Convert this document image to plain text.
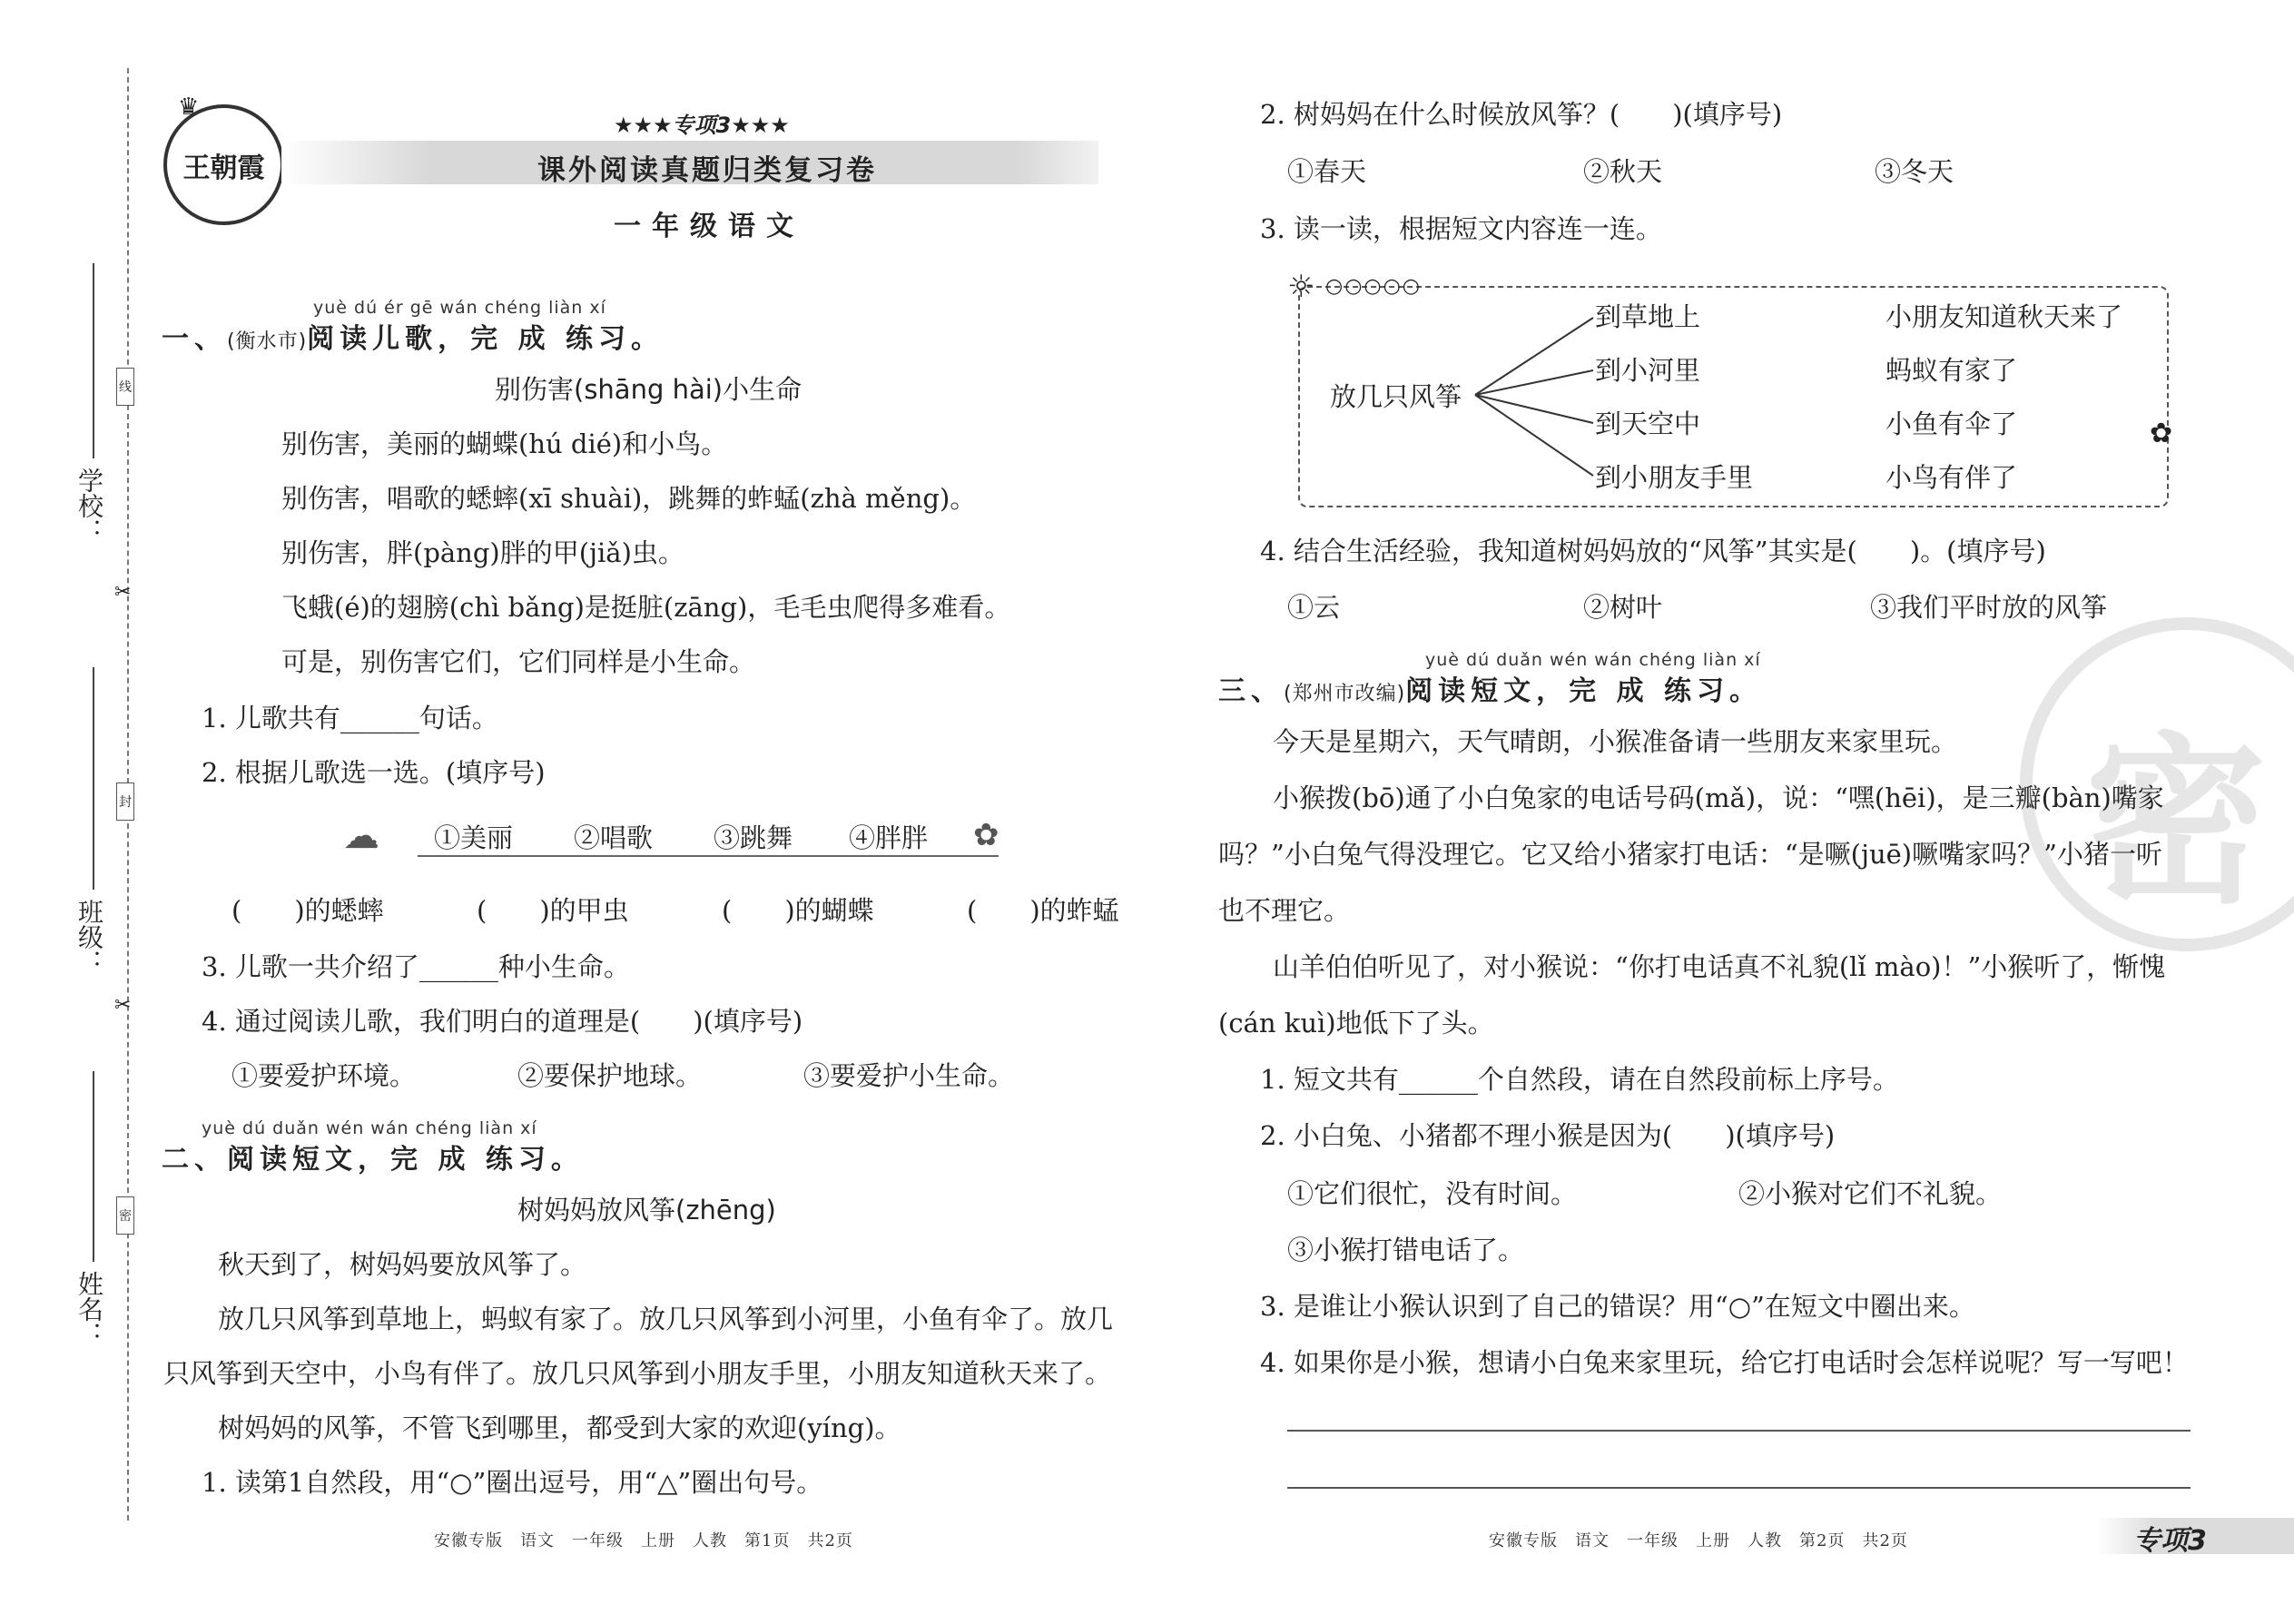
线
封
密
✂
✂
学校：
班级：
姓名：
王朝霞
♛
★★★专项3★★★
课外阅读真题归类复习卷
一年级语文
yuè dú ér gē wán chéng liàn xí
一、(衡水市)阅读儿歌，完 成 练习。
别伤害(shāng hài)小生命
别伤害，美丽的蝴蝶(hú dié)和小鸟。
别伤害，唱歌的蟋蟀(xī shuài)，跳舞的蚱蜢(zhà měng)。
别伤害，胖(pàng)胖的甲(jiǎ)虫。
飞蛾(é)的翅膀(chì bǎng)是挺脏(zāng)，毛毛虫爬得多难看。
可是，别伤害它们，它们同样是小生命。
1. 儿歌共有______句话。
2. 根据儿歌选一选。(填序号)
☁	✿
①美丽 ②唱歌 ③跳舞 ④胖胖
(　　)的蟋蟀	(　　)的甲虫	(　　)的蝴蝶	(　　)的蚱蜢
3. 儿歌一共介绍了______种小生命。
4. 通过阅读儿歌，我们明白的道理是(　　)(填序号)
①要爱护环境。	②要保护地球。	③要爱护小生命。
yuè dú duǎn wén wán chéng liàn xí
二、阅读短文，完 成 练习。
树妈妈放风筝(zhēng)
秋天到了，树妈妈要放风筝了。
放几只风筝到草地上，蚂蚁有家了。放几只风筝到小河里，小鱼有伞了。放几
只风筝到天空中，小鸟有伴了。放几只风筝到小朋友手里，小朋友知道秋天来了。
树妈妈的风筝，不管飞到哪里，都受到大家的欢迎(yíng)。
1. 读第1自然段，用“○”圈出逗号，用“△”圈出句号。
安徽专版　语文　一年级　上册　人教　第1页　共2页
2. 树妈妈在什么时候放风筝？(　　)(填序号)
①春天	②秋天	③冬天
3. 读一读，根据短文内容连一连。
☼ ○○○○○
✿
放几只风筝
到草地上
到小河里
到天空中
到小朋友手里
小朋友知道秋天来了
蚂蚁有家了
小鱼有伞了
小鸟有伴了
4. 结合生活经验，我知道树妈妈放的“风筝”其实是(　　)。(填序号)
①云	②树叶	③我们平时放的风筝
密
yuè dú duǎn wén wán chéng liàn xí
三、(郑州市改编)阅读短文，完 成 练习。
今天是星期六，天气晴朗，小猴准备请一些朋友来家里玩。
小猴拨(bō)通了小白兔家的电话号码(mǎ)，说：“嘿(hēi)，是三瓣(bàn)嘴家
吗？”小白兔气得没理它。它又给小猪家打电话：“是噘(juē)噘嘴家吗？”小猪一听
也不理它。
山羊伯伯听见了，对小猴说：“你打电话真不礼貌(lǐ mào)！”小猴听了，惭愧
(cán kuì)地低下了头。
1. 短文共有______个自然段，请在自然段前标上序号。
2. 小白兔、小猪都不理小猴是因为(　　)(填序号)
①它们很忙，没有时间。	②小猴对它们不礼貌。
③小猴打错电话了。
3. 是谁让小猴认识到了自己的错误？用“○”在短文中圈出来。
4. 如果你是小猴，想请小白兔来家里玩，给它打电话时会怎样说呢？写一写吧！
安徽专版　语文　一年级　上册　人教　第2页　共2页	专项3
